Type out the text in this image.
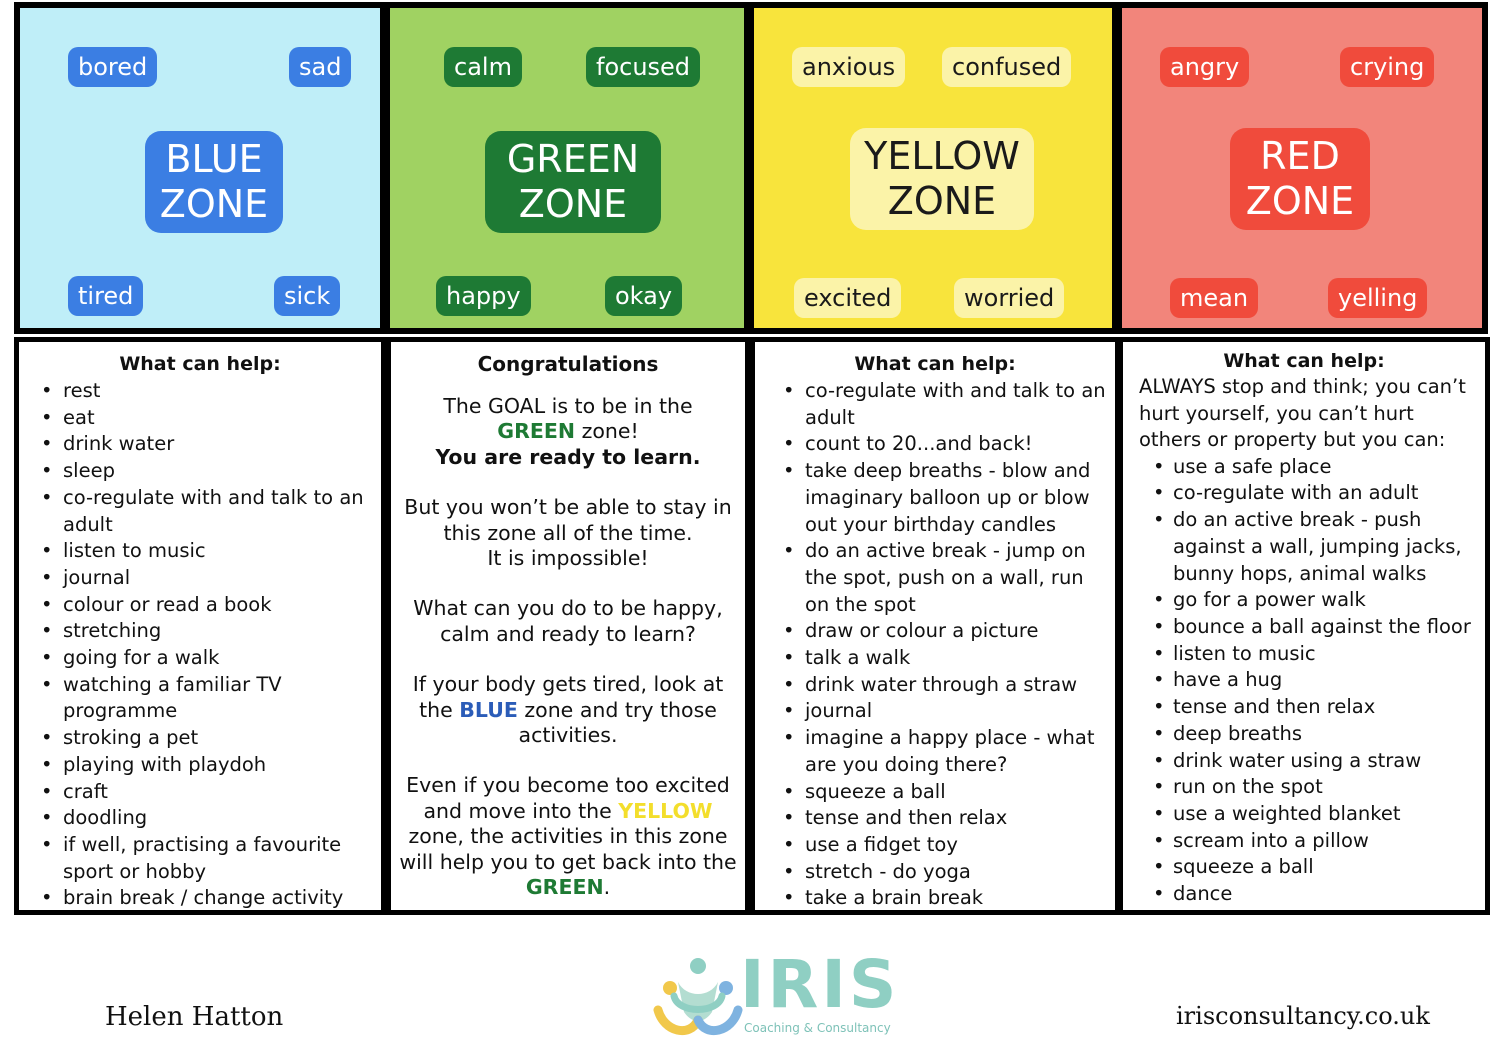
bored	sad
BLUE
ZONE
tired	sick
calm	focused
GREEN
ZONE
happy	okay
anxious	confused
YELLOW
ZONE
excited	worried
angry	crying
RED
ZONE
mean	yelling
What can help:
• rest
• eat
• drink water
• sleep
• co-regulate with and talk to an adult
• listen to music
• journal
• colour or read a book
• stretching
• going for a walk
• watching a familiar TV programme
• stroking a pet
• playing with playdoh
• craft
• doodling
• if well, practising a favourite sport or hobby
• brain break / change activity
Congratulations

The GOAL is to be in the
GREEN zone!
You are ready to learn.

But you won’t be able to stay in this zone all of the time.
It is impossible!

What can you do to be happy, calm and ready to learn?

If your body gets tired, look at the BLUE zone and try those activities.

Even if you become too excited and move into the YELLOW zone, the activities in this zone will help you to get back into the GREEN.

What can help:
• co-regulate with and talk to an adult
• count to 20...and back!
• take deep breaths - blow and imaginary balloon up or blow out your birthday candles
• do an active break - jump on the spot, push on a wall, run on the spot
• draw or colour a picture
• talk a walk
• drink water through a straw
• journal
• imagine a happy place - what are you doing there?
• squeeze a ball
• tense and then relax
• use a fidget toy
• stretch - do yoga
• take a brain break
What can help:
ALWAYS stop and think; you can’t hurt yourself, you can’t hurt others or property but you can:
• use a safe place
• co-regulate with an adult
• do an active break - push against a wall, jumping jacks, bunny hops, animal walks
• go for a power walk
• bounce a ball against the floor
• listen to music
• have a hug
• tense and then relax
• deep breaths
• drink water using a straw
• run on the spot
• use a weighted blanket
• scream into a pillow
• squeeze a ball
• dance
Helen Hatton	IRIS
Coaching & Consultancy	irisconsultancy.co.uk
